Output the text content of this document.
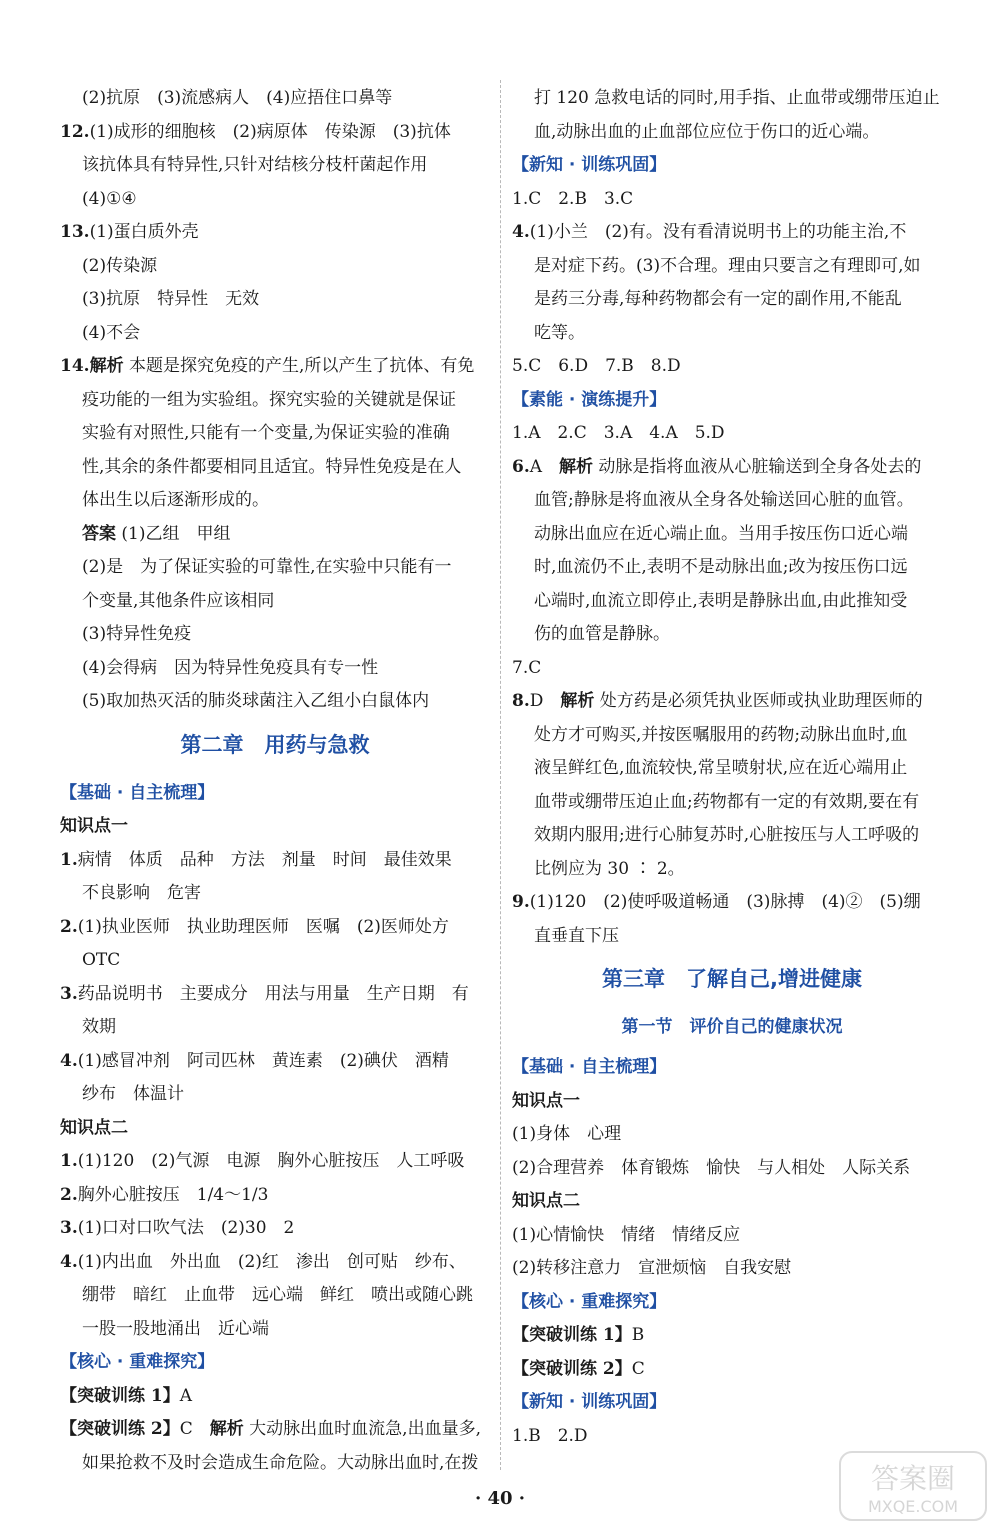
(2)抗原　(3)流感病人　(4)应捂住口鼻等
12.(1)成形的细胞核　(2)病原体　传染源　(3)抗体
该抗体具有特异性,只针对结核分枝杆菌起作用
(4)①④
13.(1)蛋白质外壳
(2)传染源
(3)抗原　特异性　无效
(4)不会
14.解析 本题是探究免疫的产生,所以产生了抗体、有免
疫功能的一组为实验组。探究实验的关键就是保证
实验有对照性,只能有一个变量,为保证实验的准确
性,其余的条件都要相同且适宜。特异性免疫是在人
体出生以后逐渐形成的。
答案 (1)乙组　甲组
(2)是　为了保证实验的可靠性,在实验中只能有一
个变量,其他条件应该相同
(3)特异性免疫
(4)会得病　因为特异性免疫具有专一性
(5)取加热灭活的肺炎球菌注入乙组小白鼠体内
第二章　用药与急救
【基础 · 自主梳理】
知识点一
1.病情　体质　品种　方法　剂量　时间　最佳效果
不良影响　危害
2.(1)执业医师　执业助理医师　医嘱　(2)医师处方
OTC
3.药品说明书　主要成分　用法与用量　生产日期　有
效期
4.(1)感冒冲剂　阿司匹林　黄连素　(2)碘伏　酒精
纱布　体温计
知识点二
1.(1)120　(2)气源　电源　胸外心脏按压　人工呼吸
2.胸外心脏按压　1/4～1/3
3.(1)口对口吹气法　(2)30　2
4.(1)内出血　外出血　(2)红　渗出　创可贴　纱布、
绷带　暗红　止血带　远心端　鲜红　喷出或随心跳
一股一股地涌出　近心端
【核心 · 重难探究】
【突破训练 1】A
【突破训练 2】C　解析 大动脉出血时血流急,出血量多,
如果抢救不及时会造成生命危险。大动脉出血时,在拨
打 120 急救电话的同时,用手指、止血带或绷带压迫止
血,动脉出血的止血部位应位于伤口的近心端。
【新知 · 训练巩固】
1.C　2.B　3.C
4.(1)小兰　(2)有。没有看清说明书上的功能主治,不
是对症下药。(3)不合理。理由只要言之有理即可,如
是药三分毒,每种药物都会有一定的副作用,不能乱
吃等。
5.C　6.D　7.B　8.D
【素能 · 演练提升】
1.A　2.C　3.A　4.A　5.D
6.A　解析 动脉是指将血液从心脏输送到全身各处去的
血管;静脉是将血液从全身各处输送回心脏的血管。
动脉出血应在近心端止血。当用手按压伤口近心端
时,血流仍不止,表明不是动脉出血;改为按压伤口远
心端时,血流立即停止,表明是静脉出血,由此推知受
伤的血管是静脉。
7.C
8.D　解析 处方药是必须凭执业医师或执业助理医师的
处方才可购买,并按医嘱服用的药物;动脉出血时,血
液呈鲜红色,血流较快,常呈喷射状,应在近心端用止
血带或绷带压迫止血;药物都有一定的有效期,要在有
效期内服用;进行心肺复苏时,心脏按压与人工呼吸的
比例应为 30 ∶ 2。
9.(1)120　(2)使呼吸道畅通　(3)脉搏　(4)②　(5)绷
直垂直下压
第三章　了解自己,增进健康
第一节　评价自己的健康状况
【基础 · 自主梳理】
知识点一
(1)身体　心理
(2)合理营养　体育锻炼　愉快　与人相处　人际关系
知识点二
(1)心情愉快　情绪　情绪反应
(2)转移注意力　宣泄烦恼　自我安慰
【核心 · 重难探究】
【突破训练 1】B
【突破训练 2】C
【新知 · 训练巩固】
1.B　2.D
· 40 ·
答案圈
MXQE.COM
